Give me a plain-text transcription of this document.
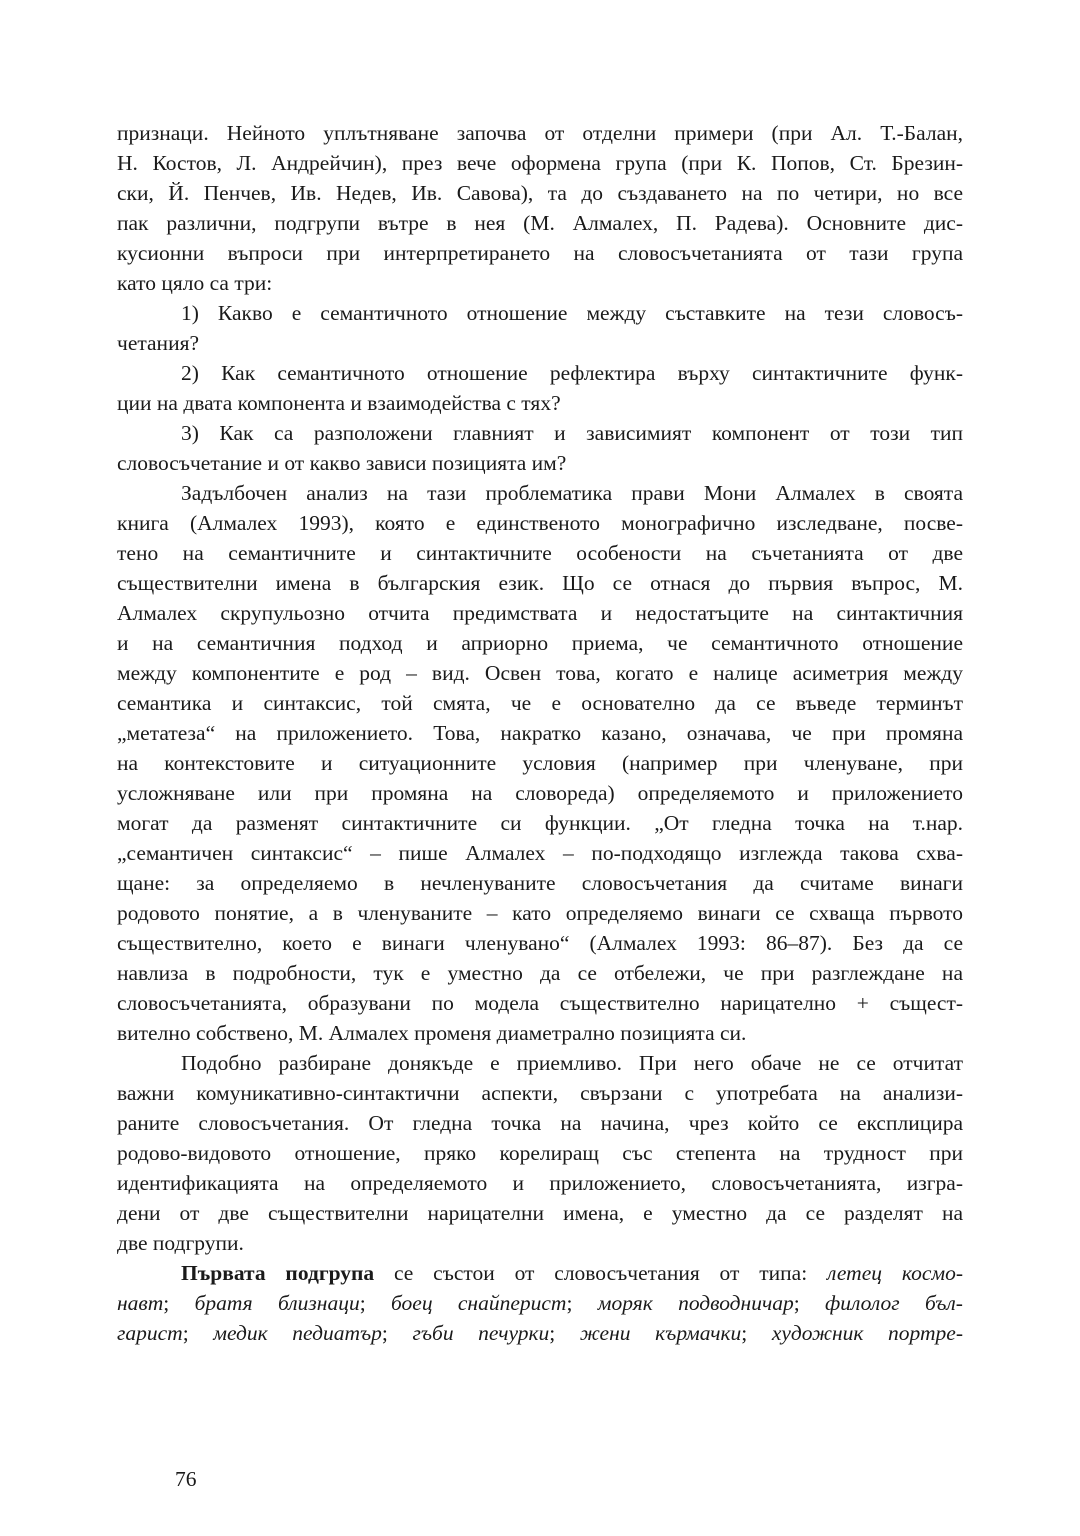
признаци. Нейното уплътняване започва от отделни примери (при Ал. Т.-Балан,
Н. Костов, Л. Андрейчин), през вече оформена група (при К. Попов, Ст. Брезин-
ски, Й. Пенчев, Ив. Недев, Ив. Савова), та до създаването на по четири, но все
пак различни, подгрупи вътре в нея (М. Алмалех, П. Радева). Основните дис-
кусионни въпроси при интерпретирането на словосъчетанията от тази група
като цяло са три:
1) Какво е семантичното отношение между съставките на тези словосъ-
четания?
2) Как семантичното отношение рефлектира върху синтактичните функ-
ции на двата компонента и взаимодейства с тях?
3) Как са разположени главният и зависимият компонент от този тип
словосъчетание и от какво зависи позицията им?
Задълбочен анализ на тази проблематика прави Мони Алмалех в своята
книга (Алмалех 1993), която е единственото монографично изследване, посве-
тено на семантичните и синтактичните особености на съчетанията от две
съществителни имена в българския език. Що се отнася до първия въпрос, М.
Алмалех скрупульозно отчита предимствата и недостатъците на синтактичния
и на семантичния подход и априорно приема, че семантичното отношение
между компонентите е род – вид. Освен това, когато е налице асиметрия между
семантика и синтаксис, той смята, че е основателно да се въведе терминът
„метатеза“ на приложението. Това, накратко казано, означава, че при промяна
на контекстовите и ситуационните условия (например при членуване, при
усложняване или при промяна на словореда) определяемото и приложението
могат да разменят синтактичните си функции. „От гледна точка на т.нар.
„семантичен синтаксис“ – пише Алмалех – по-подходящо изглежда такова схва-
щане: за определяемо в нечленуваните словосъчетания да считаме винаги
родовото понятие, а в членуваните – като определяемо винаги се схваща първото
съществително, което е винаги членувано“ (Алмалех 1993: 86–87). Без да се
навлиза в подробности, тук е уместно да се отбележи, че при разглеждане на
словосъчетанията, образувани по модела съществително нарицателно + същест-
вително собствено, М. Алмалех променя диаметрално позицията си.
Подобно разбиране донякъде е приемливо. При него обаче не се отчитат
важни комуникативно-синтактични аспекти, свързани с употребата на анализи-
раните словосъчетания. От гледна точка на начина, чрез който се експлицира
родово-видовото отношение, пряко корелиращ със степента на трудност при
идентификацията на определяемото и приложението, словосъчетанията, изгра-
дени от две съществителни нарицателни имена, е уместно да се разделят на
две подгрупи.
Първата подгрупа се състои от словосъчетания от типа: летец космо-
навт; братя близнаци; боец снайперист; моряк подводничар; филолог бъл-
гарист; медик педиатър; гъби печурки; жени кърмачки; художник портре-
76
